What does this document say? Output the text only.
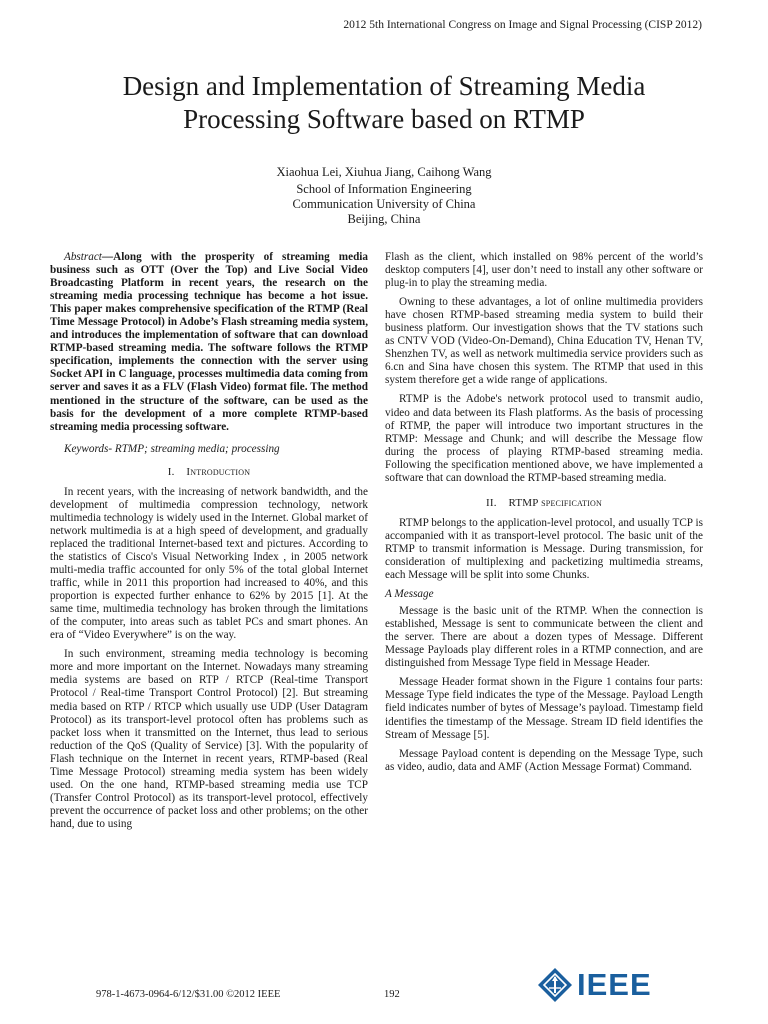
2012 5th International Congress on Image and Signal Processing (CISP 2012)
Design and Implementation of Streaming Media
Processing Software based on RTMP
Xiaohua Lei, Xiuhua Jiang, Caihong Wang
School of Information Engineering
Communication University of China
Beijing, China
Abstract—Along with the prosperity of streaming media business such as OTT (Over the Top) and Live Social Video Broadcasting Platform in recent years, the research on the streaming media processing technique has become a hot issue. This paper makes comprehensive specification of the RTMP (Real Time Message Protocol) in Adobe’s Flash streaming media system, and introduces the implementation of software that can download RTMP-based streaming media. The software follows the RTMP specification, implements the connection with the server using Socket API in C language, processes multimedia data coming from server and saves it as a FLV (Flash Video) format file. The method mentioned in the structure of the software, can be used as the basis for the development of a more complete RTMP-based streaming media processing software.
Keywords- RTMP; streaming media; processing
I. Introduction

In recent years, with the increasing of network bandwidth, and the development of multimedia compression technology, network multimedia technology is widely used in the Internet. Global market of network multimedia is at a high speed of development, and gradually replaced the traditional Internet-based text and pictures. According to the statistics of Cisco's Visual Networking Index , in 2005 network multi-media traffic accounted for only 5% of the total global Internet traffic, while in 2011 this proportion had increased to 40%, and this proportion is expected further enhance to 62% by 2015 [1]. At the same time, multimedia technology has broken through the limitations of the computer, into areas such as tablet PCs and smart phones. An era of “Video Everywhere” is on the way.

In such environment, streaming media technology is becoming more and more important on the Internet. Nowadays many streaming media systems are based on RTP / RTCP (Real-time Transport Protocol / Real-time Transport Control Protocol) [2]. But streaming media based on RTP / RTCP which usually use UDP (User Datagram Protocol) as its transport-level protocol often has problems such as packet loss when it transmitted on the Internet, thus lead to serious reduction of the QoS (Quality of Service) [3]. With the popularity of Flash technique on the Internet in recent years, RTMP-based (Real Time Message Protocol) streaming media system has been widely used. On the one hand, RTMP-based streaming media use TCP (Transfer Control Protocol) as its transport-level protocol, effectively prevent the occurrence of packet loss and other problems; on the other hand, due to using

Flash as the client, which installed on 98% percent of the world’s desktop computers [4], user don’t need to install any other software or plug-in to play the streaming media.

Owning to these advantages, a lot of online multimedia providers have chosen RTMP-based streaming media system to build their business platform. Our investigation shows that the TV stations such as CNTV VOD (Video-On-Demand), China Education TV, Henan TV, Shenzhen TV, as well as network multimedia service providers such as 6.cn and Sina have chosen this system. The RTMP that used in this system therefore get a wide range of applications.

RTMP is the Adobe's network protocol used to transmit audio, video and data between its Flash platforms. As the basis of processing of RTMP, the paper will introduce two important structures in the RTMP: Message and Chunk; and will describe the Message flow during the process of playing RTMP-based streaming media. Following the specification mentioned above, we have implemented a software that can download the RTMP-based streaming media.

II. RTMP specification

RTMP belongs to the application-level protocol, and usually TCP is accompanied with it as transport-level protocol. The basic unit of the RTMP to transmit information is Message. During transmission, for consideration of multiplexing and packetizing multimedia streams, each Message will be split into some Chunks.

A Message

Message is the basic unit of the RTMP. When the connection is established, Message is sent to communicate between the client and the server. There are about a dozen types of Message. Different Message Payloads play different roles in a RTMP connection, and are distinguished from Message Type field in Message Header.

Message Header format shown in the Figure 1 contains four parts: Message Type field indicates the type of the Message. Payload Length field indicates number of bytes of Message’s payload. Timestamp field identifies the timestamp of the Message. Stream ID field identifies the Stream of Message [5].

Message Payload content is depending on the Message Type, such as video, audio, data and AMF (Action Message Format) Command.

978-1-4673-0964-6/12/$31.00 ©2012 IEEE	192	IEEE
